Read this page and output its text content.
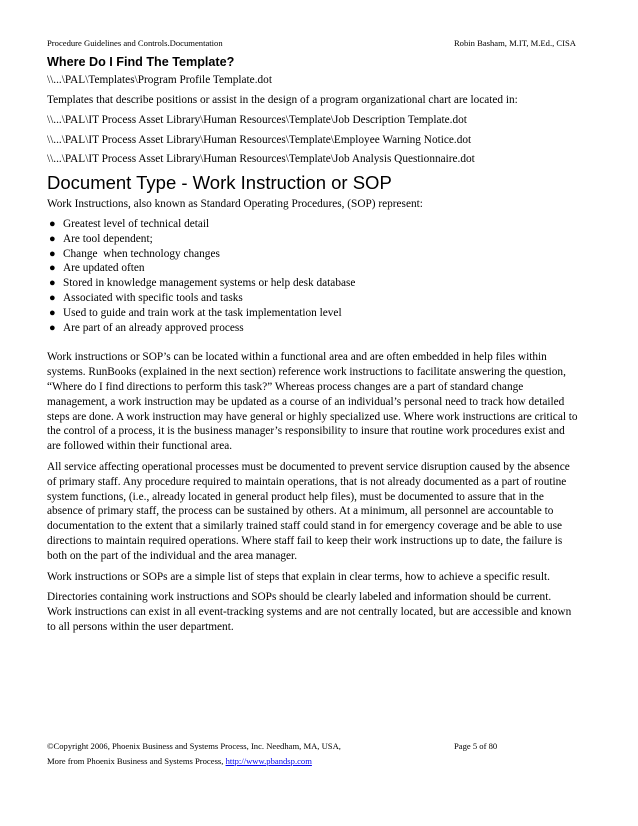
Procedure Guidelines and Controls.Documentation	Robin Basham, M.IT, M.Ed., CISA
Where Do I Find The Template?
\\...\PAL\Templates\Program Profile Template.dot
Templates that describe positions or assist in the design of a program organizational chart are located in:
\\...\PAL\IT Process Asset Library\Human Resources\Template\Job Description Template.dot
\\...\PAL\IT Process Asset Library\Human Resources\Template\Employee Warning Notice.dot
\\...\PAL\IT Process Asset Library\Human Resources\Template\Job Analysis Questionnaire.dot
Document Type - Work Instruction or SOP
Work Instructions, also known as Standard Operating Procedures, (SOP) represent:
● Greatest level of technical detail
● Are tool dependent;
● Change  when technology changes
● Are updated often
● Stored in knowledge management systems or help desk database
● Associated with specific tools and tasks
● Used to guide and train work at the task implementation level
● Are part of an already approved process
Work instructions or SOP’s can be located within a functional area and are often embedded in help files within systems. RunBooks (explained in the next section) reference work instructions to facilitate answering the question, “Where do I find directions to perform this task?” Whereas process changes are a part of standard change management, a work instruction may be updated as a course of an individual’s personal need to track how detailed steps are done. A work instruction may have general or highly specialized use. Where work instructions are critical to the control of a process, it is the business manager’s responsibility to insure that routine work procedures exist and are followed within their functional area.
All service affecting operational processes must be documented to prevent service disruption caused by the absence of primary staff. Any procedure required to maintain operations, that is not already documented as a part of routine system functions, (i.e., already located in general product help files), must be documented to assure that in the absence of primary staff, the process can be sustained by others. At a minimum, all personnel are accountable to documentation to the extent that a similarly trained staff could stand in for emergency coverage and be able to use directions to maintain required operations. Where staff fail to keep their work instructions up to date, the failure is both on the part of the individual and the area manager.
Work instructions or SOPs are a simple list of steps that explain in clear terms, how to achieve a specific result.
Directories containing work instructions and SOPs should be clearly labeled and information should be current. Work instructions can exist in all event-tracking systems and are not centrally located, but are accessible and known to all persons within the user department.
©Copyright 2006, Phoenix Business and Systems Process, Inc. Needham, MA, USA,	Page 5 of 80
More from Phoenix Business and Systems Process, http://www.pbandsp.com
